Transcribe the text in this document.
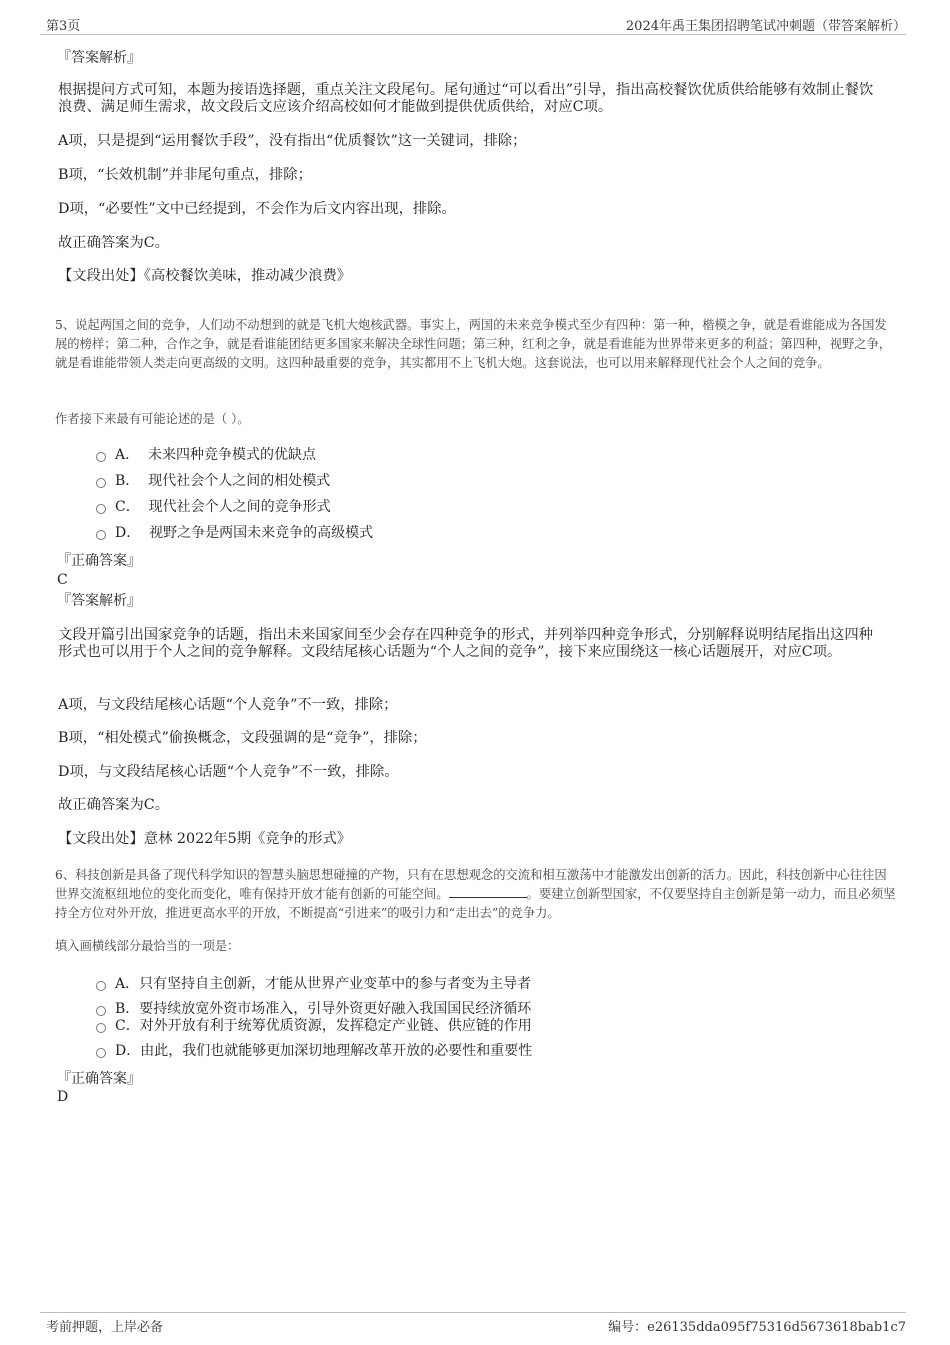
第3页	2024年禹王集团招聘笔试冲刺题（带答案解析）
『答案解析』
根据提问方式可知，本题为接语选择题，重点关注文段尾句。尾句通过“可以看出”引导，指出高校餐饮优质供给能够有效制止餐饮浪费、满足师生需求，故文段后文应该介绍高校如何才能做到提供优质供给，对应C项。
A项，只是提到“运用餐饮手段”，没有指出“优质餐饮”这一关键词，排除；
B项，“长效机制”并非尾句重点，排除；
D项，“必要性”文中已经提到，不会作为后文内容出现，排除。
故正确答案为C。
【文段出处】《高校餐饮美味，推动减少浪费》
5、说起两国之间的竞争，人们动不动想到的就是飞机大炮核武器。事实上，两国的未来竞争模式至少有四种：第一种，楷模之争，就是看谁能成为各国发展的榜样；第二种，合作之争，就是看谁能团结更多国家来解决全球性问题；第三种，红利之争，就是看谁能为世界带来更多的利益；第四种，视野之争，就是看谁能带领人类走向更高级的文明。这四种最重要的竞争，其实都用不上飞机大炮。这套说法，也可以用来解释现代社会个人之间的竞争。
作者接下来最有可能论述的是（ ）。
A． 未来四种竞争模式的优缺点
B． 现代社会个人之间的相处模式
C． 现代社会个人之间的竞争形式
D． 视野之争是两国未来竞争的高级模式
『正确答案』
C
『答案解析』
文段开篇引出国家竞争的话题，指出未来国家间至少会存在四种竞争的形式，并列举四种竞争形式，分别解释说明结尾指出这四种形式也可以用于个人之间的竞争解释。文段结尾核心话题为“个人之间的竞争”，接下来应围绕这一核心话题展开，对应C项。
A项，与文段结尾核心话题“个人竞争”不一致，排除；
B项，“相处模式”偷换概念，文段强调的是“竞争”，排除；
D项，与文段结尾核心话题“个人竞争”不一致，排除。
故正确答案为C。
【文段出处】意林 2022年5期《竞争的形式》
6、科技创新是具备了现代科学知识的智慧头脑思想碰撞的产物，只有在思想观念的交流和相互激荡中才能激发出创新的活力。因此，科技创新中心往往因世界交流枢纽地位的变化而变化，唯有保持开放才能有创新的可能空间。	。要建立创新型国家，不仅要坚持自主创新是第一动力，而且必须坚持全方位对外开放，推进更高水平的开放，不断提高“引进来”的吸引力和“走出去”的竞争力。
填入画横线部分最恰当的一项是：
A．只有坚持自主创新，才能从世界产业变革中的参与者变为主导者
B．要持续放宽外资市场准入，引导外资更好融入我国国民经济循环
C．对外开放有利于统筹优质资源，发挥稳定产业链、供应链的作用
D．由此，我们也就能够更加深切地理解改革开放的必要性和重要性
『正确答案』
D
考前押题，上岸必备	编号：e26135dda095f75316d5673618bab1c7
